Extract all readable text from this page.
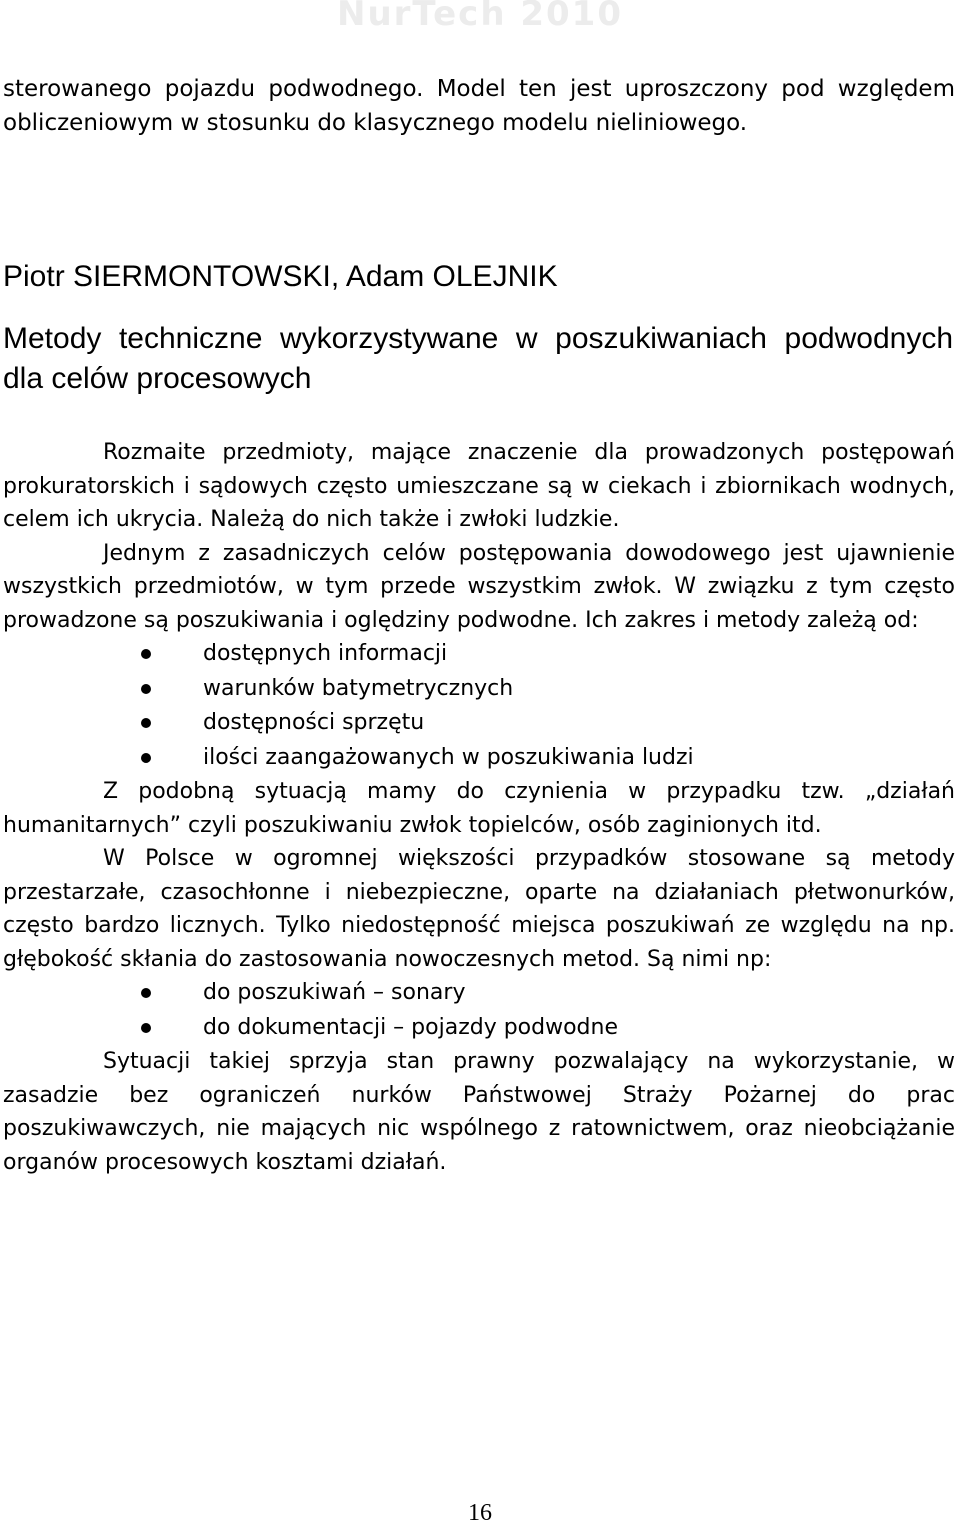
NurTech 2010
sterowanego pojazdu podwodnego. Model ten jest uproszczony pod względem obliczeniowym w stosunku do klasycznego modelu nieliniowego.
Piotr SIERMONTOWSKI, Adam OLEJNIK
Metody techniczne wykorzystywane w poszukiwaniach podwodnych dla celów procesowych

Rozmaite przedmioty, mające znaczenie dla prowadzonych postępowań prokuratorskich i sądowych często umieszczane są w ciekach i zbiornikach wodnych, celem ich ukrycia. Należą do nich także i zwłoki ludzkie.

Jednym z zasadniczych celów postępowania dowodowego jest ujawnienie wszystkich przedmiotów, w tym przede wszystkim zwłok. W związku z tym często prowadzone są poszukiwania i oględziny podwodne. Ich zakres i metody zależą od:

dostępnych informacji
warunków batymetrycznych
dostępności sprzętu
ilości zaangażowanych w poszukiwania ludzi

Z podobną sytuacją mamy do czynienia w przypadku tzw. „działań humanitarnych” czyli poszukiwaniu zwłok topielców, osób zaginionych itd.

W Polsce w ogromnej większości przypadków stosowane są metody przestarzałe, czasochłonne i niebezpieczne, oparte na działaniach płetwonurków, często bardzo licznych. Tylko niedostępność miejsca poszukiwań ze względu na np. głębokość skłania do zastosowania nowoczesnych metod. Są nimi np:

do poszukiwań – sonary
do dokumentacji – pojazdy podwodne

Sytuacji takiej sprzyja stan prawny pozwalający na wykorzystanie, w zasadzie bez ograniczeń nurków Państwowej Straży Pożarnej do prac poszukiwawczych, nie mających nic wspólnego z ratownictwem, oraz nieobciążanie organów procesowych kosztami działań.

16
